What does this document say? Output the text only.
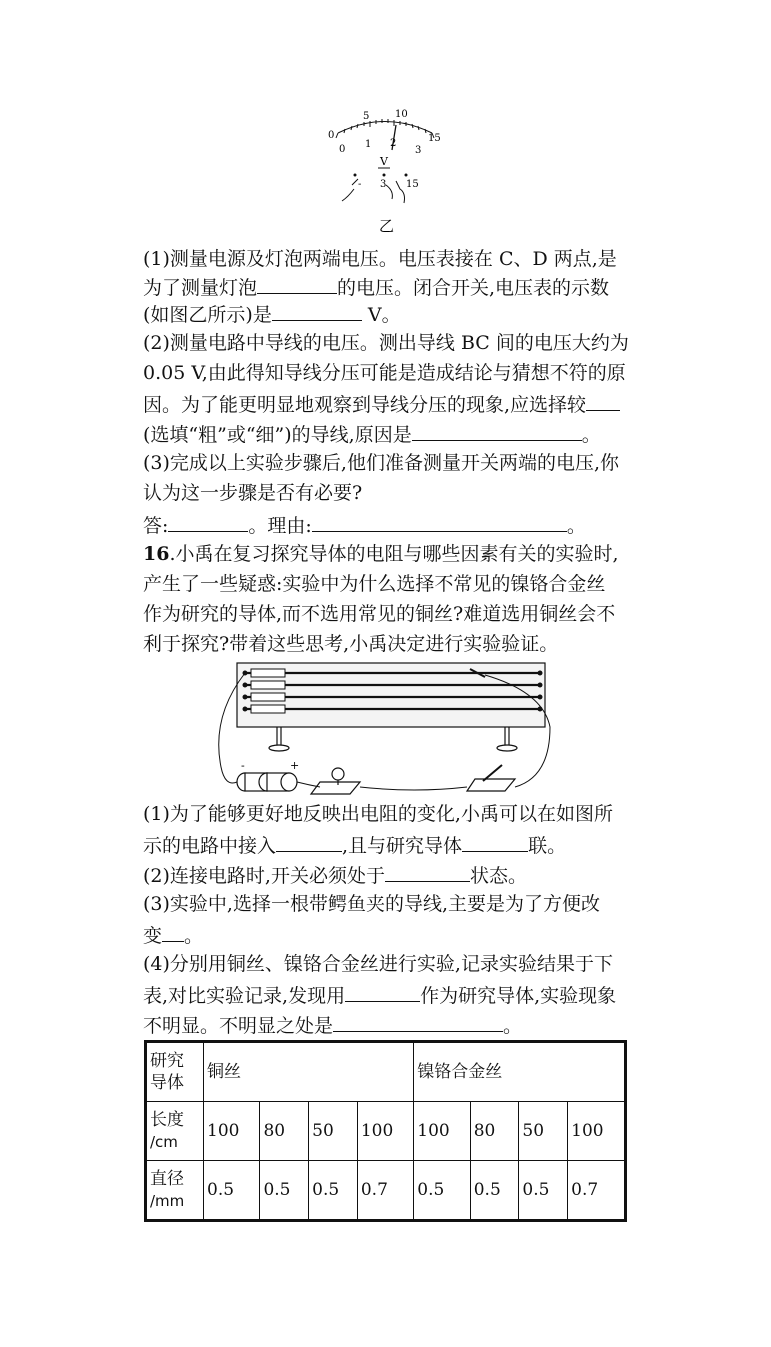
0
5	10
15
0 1 2
3
V
- 3 15
乙
(1)测量电源及灯泡两端电压。电压表接在 C、D 两点,是
为了测量灯泡	的电压。闭合开关,电压表的示数
(如图乙所示)是	V。
(2)测量电路中导线的电压。测出导线 BC 间的电压大约为
0.05 V,由此得知导线分压可能是造成结论与猜想不符的原
因。为了能更明显地观察到导线分压的现象,应选择较
(选填“粗”或“细”)的导线,原因是	。
(3)完成以上实验步骤后,他们准备测量开关两端的电压,你
认为这一步骤是否有必要?
答:	。理由:	。
16.小禹在复习探究导体的电阻与哪些因素有关的实验时,
产生了一些疑惑:实验中为什么选择不常见的镍铬合金丝
作为研究的导体,而不选用常见的铜丝?难道选用铜丝会不
利于探究?带着这些思考,小禹决定进行实验验证。
-	+
(1)为了能够更好地反映出电阻的变化,小禹可以在如图所
示的电路中接入	,且与研究导体	联。
(2)连接电路时,开关必须处于	状态。
(3)实验中,选择一根带鳄鱼夹的导线,主要是为了方便改
变 。
(4)分别用铜丝、镍铬合金丝进行实验,记录实验结果于下
表,对比实验记录,发现用	作为研究导体,实验现象
不明显。不明显之处是	。
研究
导体	铜丝				镍铬合金丝			
长度
/cm	100	80	50	100	100	80	50	100
直径
/mm	0.5	0.5	0.5	0.7	0.5	0.5	0.5	0.7
